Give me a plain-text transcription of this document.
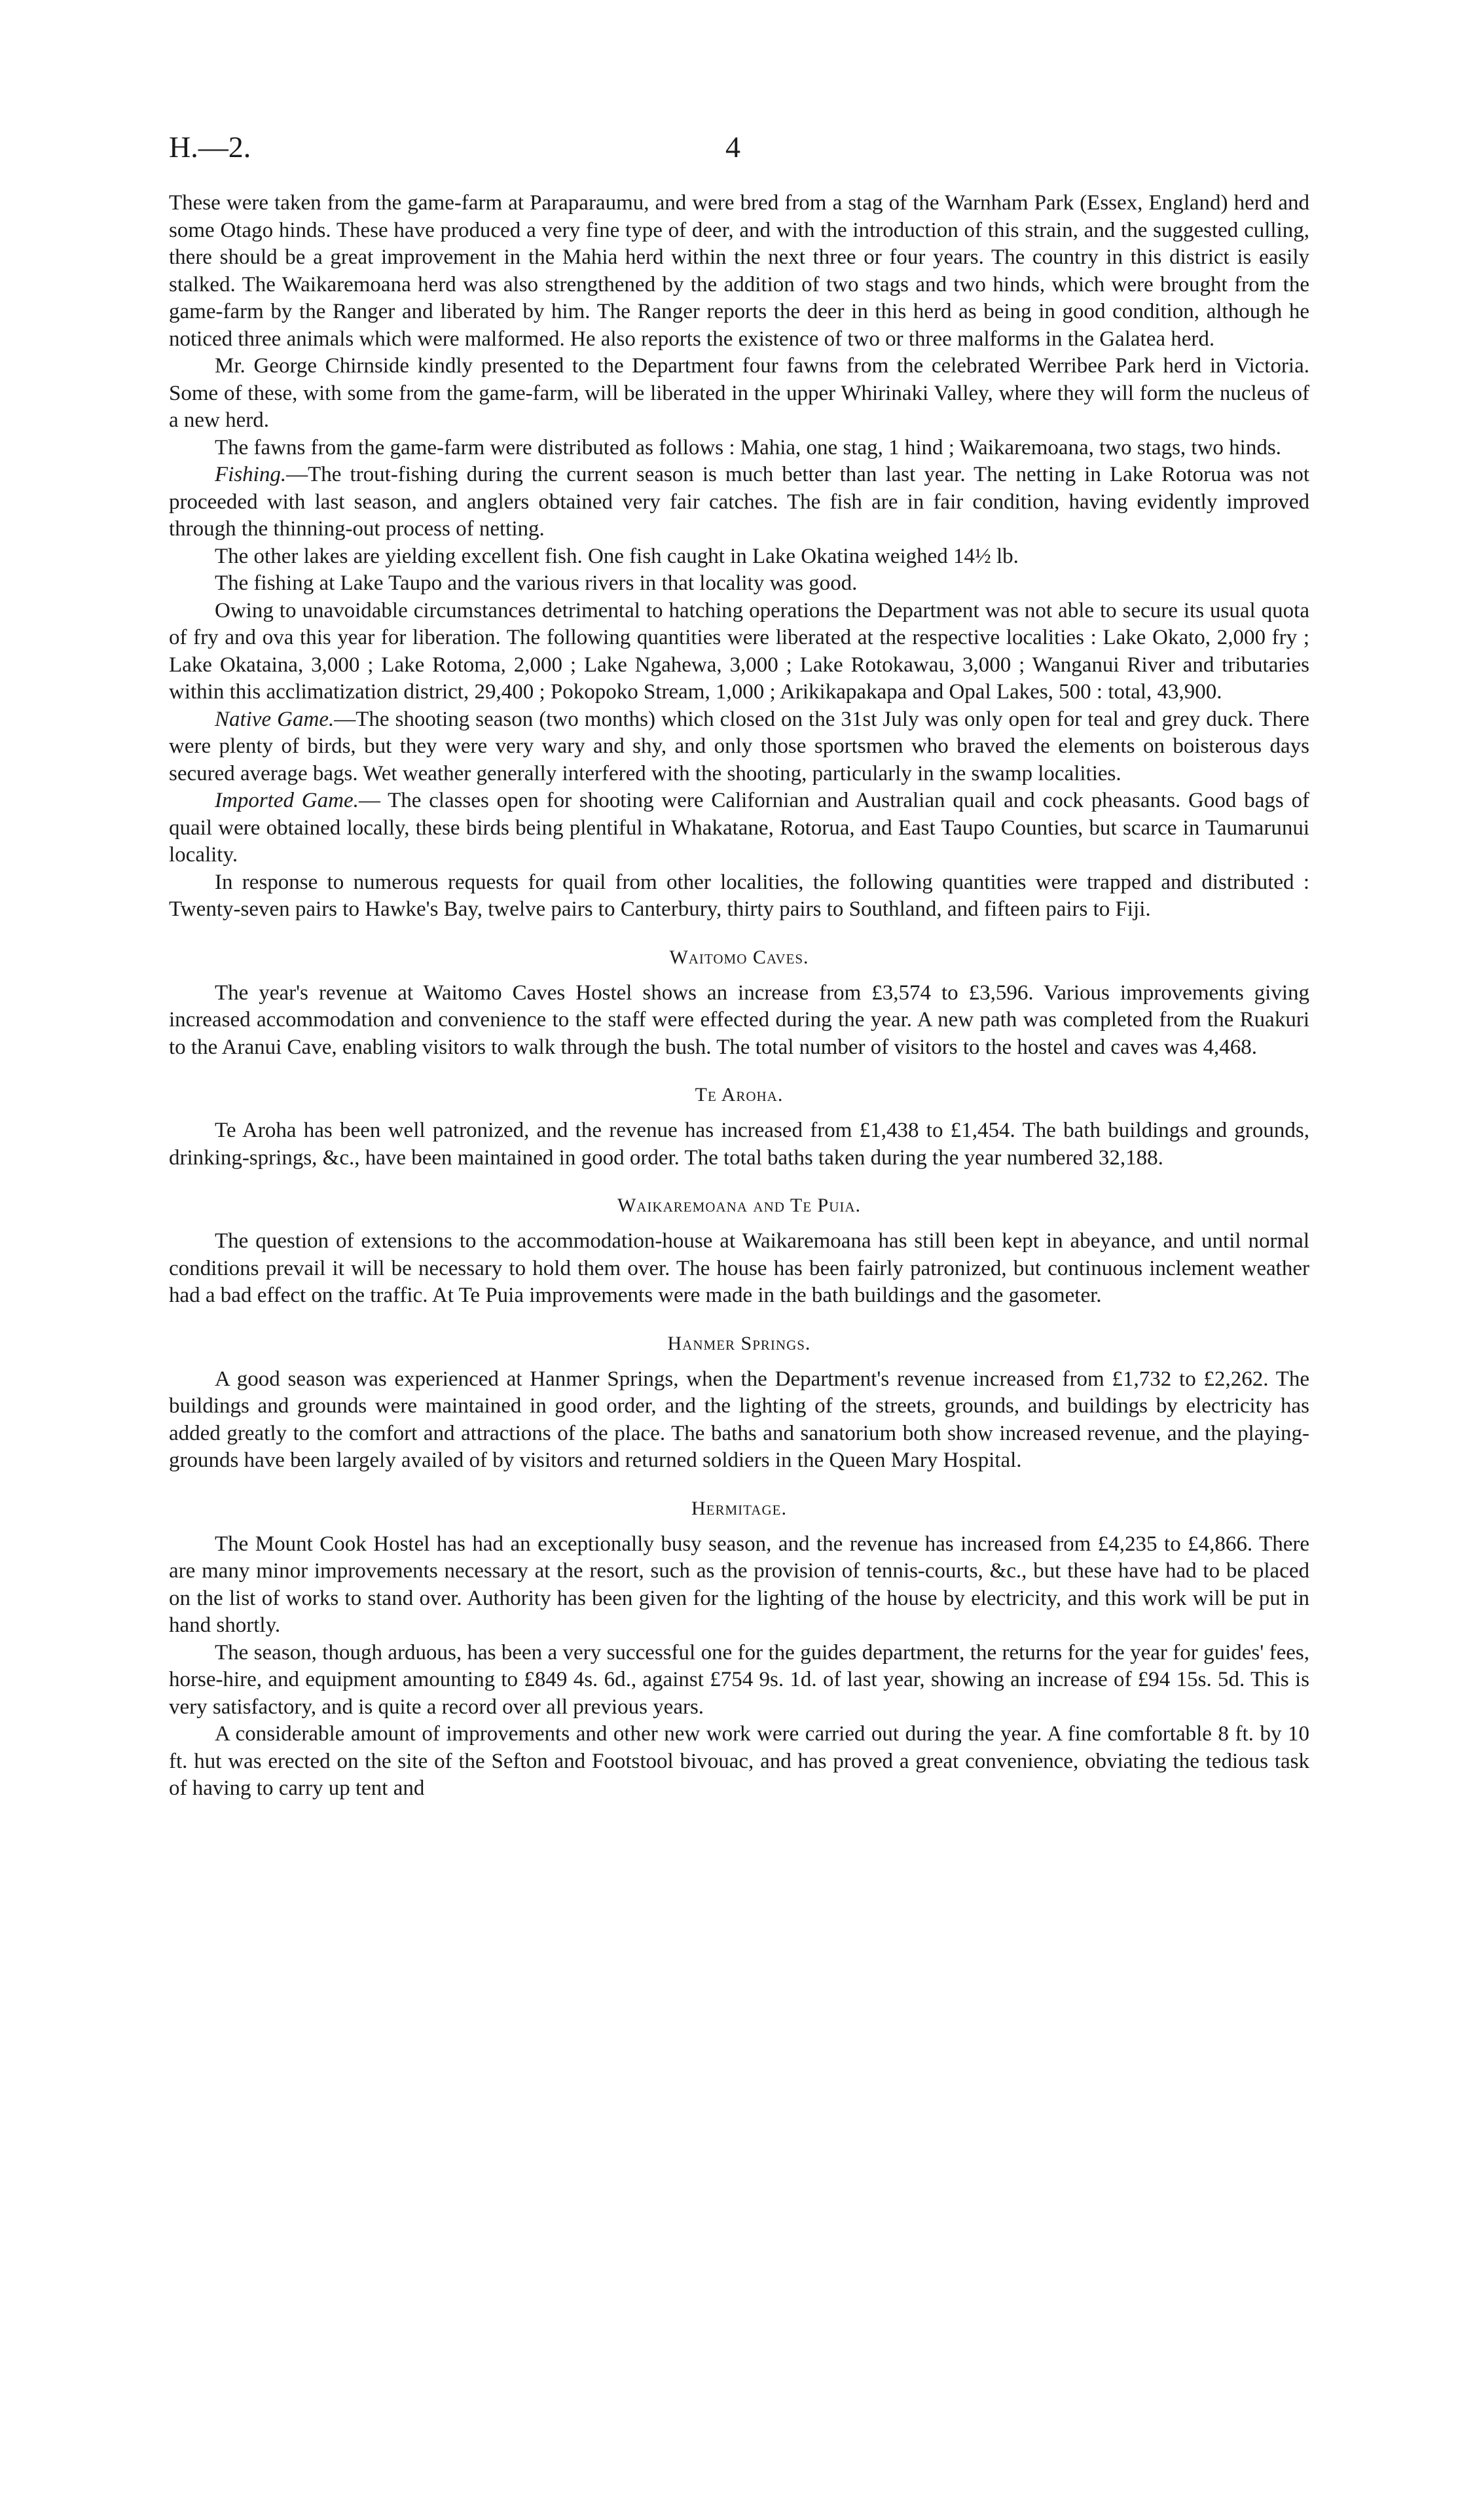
H.—2.	4

These were taken from the game-farm at Paraparaumu, and were bred from a stag of the Warnham Park (Essex, England) herd and some Otago hinds. These have produced a very fine type of deer, and with the introduction of this strain, and the suggested culling, there should be a great improvement in the Mahia herd within the next three or four years. The country in this district is easily stalked. The Waikaremoana herd was also strengthened by the addition of two stags and two hinds, which were brought from the game-farm by the Ranger and liberated by him. The Ranger reports the deer in this herd as being in good condition, although he noticed three animals which were malformed. He also reports the existence of two or three malforms in the Galatea herd.

Mr. George Chirnside kindly presented to the Department four fawns from the celebrated Werribee Park herd in Victoria. Some of these, with some from the game-farm, will be liberated in the upper Whirinaki Valley, where they will form the nucleus of a new herd.

The fawns from the game-farm were distributed as follows : Mahia, one stag, 1 hind ; Waikaremoana, two stags, two hinds.

Fishing.—The trout-fishing during the current season is much better than last year. The netting in Lake Rotorua was not proceeded with last season, and anglers obtained very fair catches. The fish are in fair condition, having evidently improved through the thinning-out process of netting.

The other lakes are yielding excellent fish. One fish caught in Lake Okatina weighed 14½ lb.

The fishing at Lake Taupo and the various rivers in that locality was good.

Owing to unavoidable circumstances detrimental to hatching operations the Department was not able to secure its usual quota of fry and ova this year for liberation. The following quantities were liberated at the respective localities : Lake Okato, 2,000 fry ; Lake Okataina, 3,000 ; Lake Rotoma, 2,000 ; Lake Ngahewa, 3,000 ; Lake Rotokawau, 3,000 ; Wanganui River and tributaries within this acclimatization district, 29,400 ; Pokopoko Stream, 1,000 ; Arikikapakapa and Opal Lakes, 500 : total, 43,900.

Native Game.—The shooting season (two months) which closed on the 31st July was only open for teal and grey duck. There were plenty of birds, but they were very wary and shy, and only those sportsmen who braved the elements on boisterous days secured average bags. Wet weather generally interfered with the shooting, particularly in the swamp localities.

Imported Game.— The classes open for shooting were Californian and Australian quail and cock pheasants. Good bags of quail were obtained locally, these birds being plentiful in Whakatane, Rotorua, and East Taupo Counties, but scarce in Taumarunui locality.

In response to numerous requests for quail from other localities, the following quantities were trapped and distributed : Twenty-seven pairs to Hawke's Bay, twelve pairs to Canterbury, thirty pairs to Southland, and fifteen pairs to Fiji.

Waitomo Caves.

The year's revenue at Waitomo Caves Hostel shows an increase from £3,574 to £3,596. Various improvements giving increased accommodation and convenience to the staff were effected during the year. A new path was completed from the Ruakuri to the Aranui Cave, enabling visitors to walk through the bush. The total number of visitors to the hostel and caves was 4,468.

Te Aroha.

Te Aroha has been well patronized, and the revenue has increased from £1,438 to £1,454. The bath buildings and grounds, drinking-springs, &c., have been maintained in good order. The total baths taken during the year numbered 32,188.

Waikaremoana and Te Puia.

The question of extensions to the accommodation-house at Waikaremoana has still been kept in abeyance, and until normal conditions prevail it will be necessary to hold them over. The house has been fairly patronized, but continuous inclement weather had a bad effect on the traffic. At Te Puia improvements were made in the bath buildings and the gasometer.

Hanmer Springs.

A good season was experienced at Hanmer Springs, when the Department's revenue increased from £1,732 to £2,262. The buildings and grounds were maintained in good order, and the lighting of the streets, grounds, and buildings by electricity has added greatly to the comfort and attractions of the place. The baths and sanatorium both show increased revenue, and the playing-grounds have been largely availed of by visitors and returned soldiers in the Queen Mary Hospital.

Hermitage.

The Mount Cook Hostel has had an exceptionally busy season, and the revenue has increased from £4,235 to £4,866. There are many minor improvements necessary at the resort, such as the provision of tennis-courts, &c., but these have had to be placed on the list of works to stand over. Authority has been given for the lighting of the house by electricity, and this work will be put in hand shortly.

The season, though arduous, has been a very successful one for the guides department, the returns for the year for guides' fees, horse-hire, and equipment amounting to £849 4s. 6d., against £754 9s. 1d. of last year, showing an increase of £94 15s. 5d. This is very satisfactory, and is quite a record over all previous years.

A considerable amount of improvements and other new work were carried out during the year. A fine comfortable 8 ft. by 10 ft. hut was erected on the site of the Sefton and Footstool bivouac, and has proved a great convenience, obviating the tedious task of having to carry up tent and
